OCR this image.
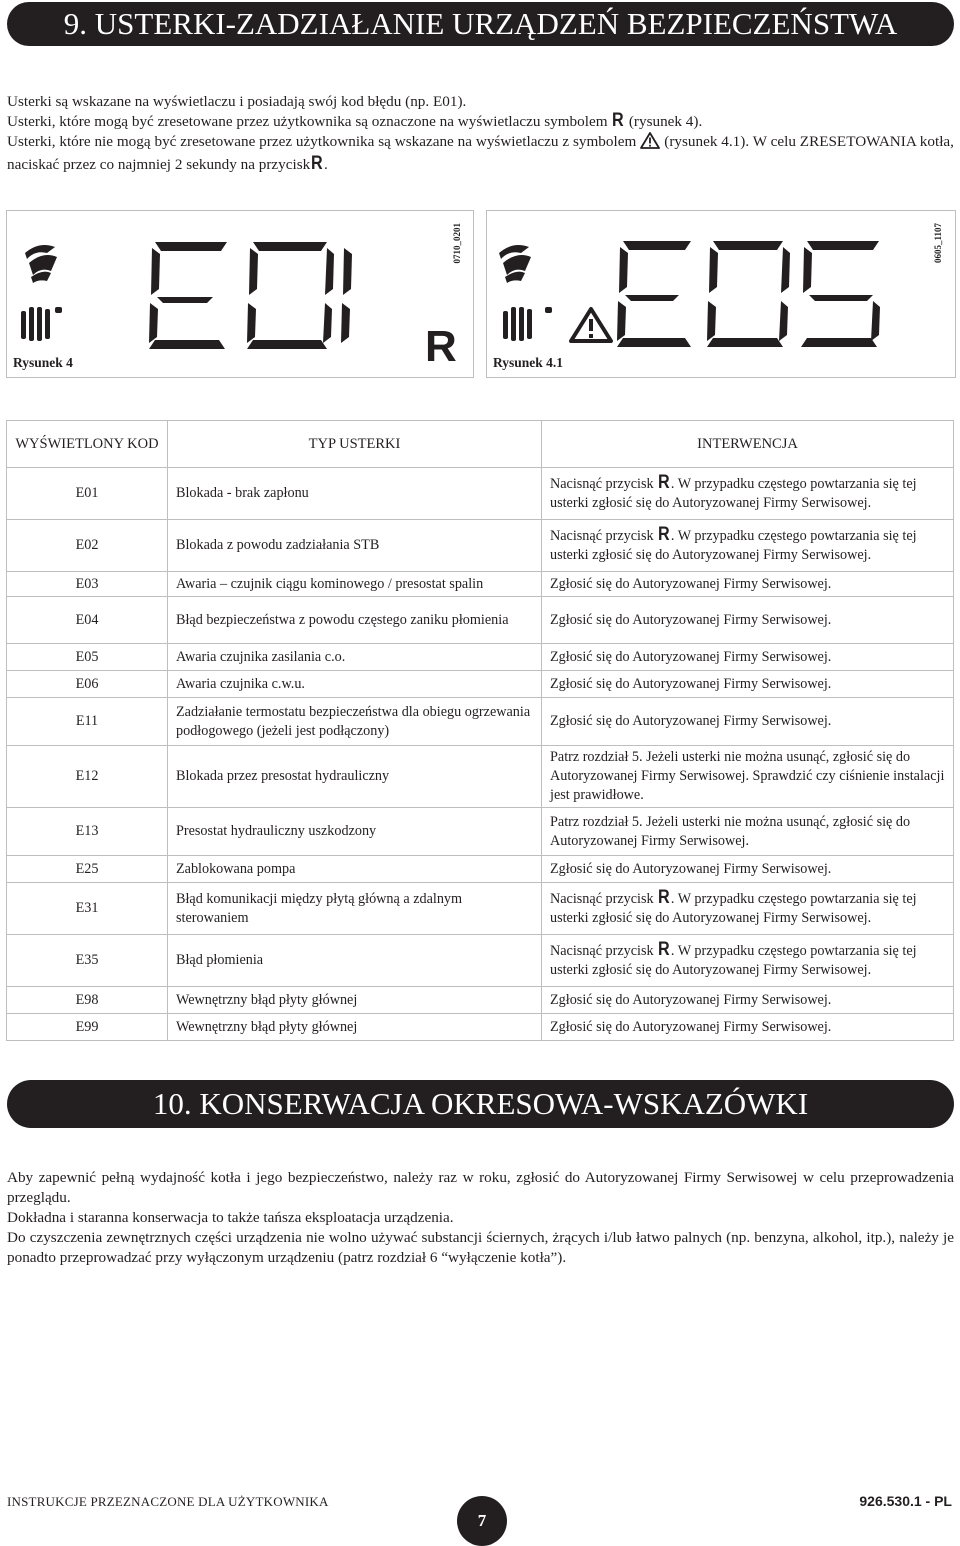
9. USTERKI-ZADZIAŁANIE URZĄDZEŃ BEZPIECZEŃSTWA

Usterki są wskazane na wyświetlaczu i posiadają swój kod błędu (np. E01).

Usterki, które mogą być zresetowane przez użytkownika są oznaczone na wyświetlaczu symbolem R (rysunek 4).

Usterki, które nie mogą być zresetowane przez użytkownika są wskazane na wyświetlaczu z symbolem (rysunek 4.1). W celu ZRESETOWANIA kotła, naciskać przez co najmniej 2 sekundy na przyciskR.

R
0710_0201
Rysunek 4
0605_1107
Rysunek 4.1
WYŚWIETLONY KOD	TYP USTERKI	INTERWENCJA
E01	Blokada - brak zapłonu	Nacisnąć przycisk R. W przypadku częstego powtarzania się tej usterki zgłosić się do Autoryzowanej Firmy Serwisowej.
E02	Blokada z powodu zadziałania STB	Nacisnąć przycisk R. W przypadku częstego powtarzania się tej usterki zgłosić się do Autoryzowanej Firmy Serwisowej.
E03	Awaria – czujnik ciągu kominowego / presostat spalin	Zgłosić się do Autoryzowanej Firmy Serwisowej.
E04	Błąd bezpieczeństwa z powodu częstego zaniku płomienia	Zgłosić się do Autoryzowanej Firmy Serwisowej.
E05	Awaria czujnika zasilania c.o.	Zgłosić się do Autoryzowanej Firmy Serwisowej.
E06	Awaria czujnika c.w.u.	Zgłosić się do Autoryzowanej Firmy Serwisowej.
E11	Zadziałanie termostatu bezpieczeństwa dla obiegu ogrzewania podłogowego (jeżeli jest podłączony)	Zgłosić się do Autoryzowanej Firmy Serwisowej.
E12	Blokada przez presostat hydrauliczny	Patrz rozdział 5. Jeżeli usterki nie można usunąć, zgłosić się do Autoryzowanej Firmy Serwisowej. Sprawdzić czy ciśnienie instalacji jest prawidłowe.
E13	Presostat hydrauliczny uszkodzony	Patrz rozdział 5. Jeżeli usterki nie można usunąć, zgłosić się do Autoryzowanej Firmy Serwisowej.
E25	Zablokowana pompa	Zgłosić się do Autoryzowanej Firmy Serwisowej.
E31	Błąd komunikacji między płytą główną a zdalnym sterowaniem	Nacisnąć przycisk R. W przypadku częstego powtarzania się tej usterki zgłosić się do Autoryzowanej Firmy Serwisowej.
E35	Błąd płomienia	Nacisnąć przycisk R. W przypadku częstego powtarzania się tej usterki zgłosić się do Autoryzowanej Firmy Serwisowej.
E98	Wewnętrzny błąd płyty głównej	Zgłosić się do Autoryzowanej Firmy Serwisowej.
E99	Wewnętrzny błąd płyty głównej	Zgłosić się do Autoryzowanej Firmy Serwisowej.
10. KONSERWACJA OKRESOWA-WSKAZÓWKI

Aby zapewnić pełną wydajność kotła i jego bezpieczeństwo, należy raz w roku, zgłosić do Autoryzowanej Firmy Serwisowej w celu przeprowadzenia przeglądu.

Dokładna i staranna konserwacja to także tańsza eksploatacja urządzenia.

Do czyszczenia zewnętrznych części urządzenia nie wolno używać substancji ściernych, żrących i/lub łatwo palnych (np. benzyna, alkohol, itp.), należy je ponadto przeprowadzać przy wyłączonym urządzeniu (patrz rozdział 6 “wyłączenie kotła”).

INSTRUKCJE PRZEZNACZONE DLA UŻYTKOWNIKA
7
926.530.1 - PL
